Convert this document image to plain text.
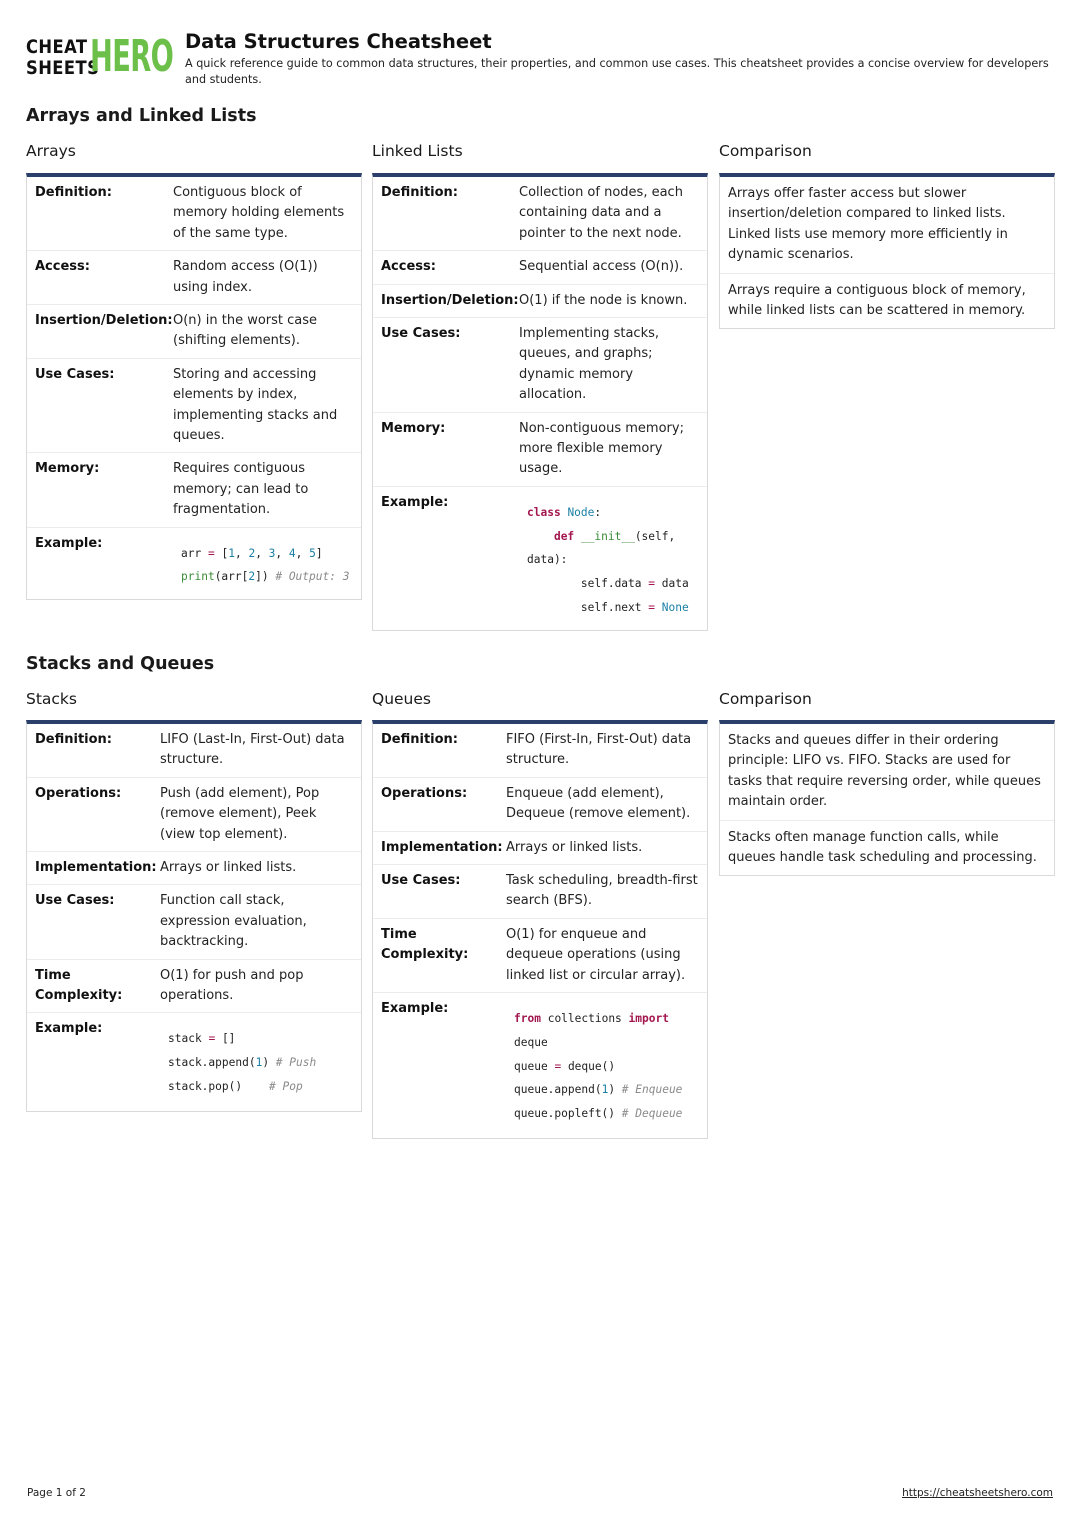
CHEAT
SHEETS
HERO Data Structures Cheatsheet
A quick reference guide to common data structures, their properties, and common use cases. This cheatsheet provides a concise overview for developers and students.
Arrays and Linked Lists
Arrays	Linked Lists	Comparison
Definition:	Contiguous block of memory holding elements of the same type.
Access:	Random access (O(1)) using index.
Insertion/Deletion: O(n) in the worst case (shifting elements).
Use Cases:	Storing and accessing elements by index, implementing stacks and queues.
Memory:	Requires contiguous memory; can lead to fragmentation.
Example:
arr = [1, 2, 3, 4, 5]
print(arr[2]) # Output: 3
Definition:	Collection of nodes, each containing data and a pointer to the next node.
Access:	Sequential access (O(n)).
Insertion/Deletion: O(1) if the node is known.
Use Cases:	Implementing stacks, queues, and graphs; dynamic memory allocation.
Memory:	Non-contiguous memory; more flexible memory usage.
Example:
class Node:
def __init__(self, data):
self.data = data
self.next = None
Arrays offer faster access but slower insertion/deletion compared to linked lists. Linked lists use memory more efficiently in dynamic scenarios.
Arrays require a contiguous block of memory, while linked lists can be scattered in memory.
Stacks and Queues
Stacks	Queues	Comparison
Definition:	LIFO (Last-In, First-Out) data structure.
Operations:	Push (add element), Pop (remove element), Peek (view top element).
Implementation: Arrays or linked lists.
Use Cases:	Function call stack, expression evaluation, backtracking.
Time Complexity:
O(1) for push and pop operations.
Example:
stack = []
stack.append(1) # Push
stack.pop() # Pop
Definition:	FIFO (First-In, First-Out) data structure.
Operations:	Enqueue (add element), Dequeue (remove element).
Implementation: Arrays or linked lists.
Use Cases:	Task scheduling, breadth-first search (BFS).
Time Complexity:
O(1) for enqueue and dequeue operations (using linked list or circular array).
Example:
from collections import
deque
queue = deque()
queue.append(1) # Enqueue
queue.popleft() # Dequeue
Stacks and queues differ in their ordering principle: LIFO vs. FIFO. Stacks are used for tasks that require reversing order, while queues maintain order.
Stacks often manage function calls, while queues handle task scheduling and processing.
Page 1 of 2	https://cheatsheetshero.com
